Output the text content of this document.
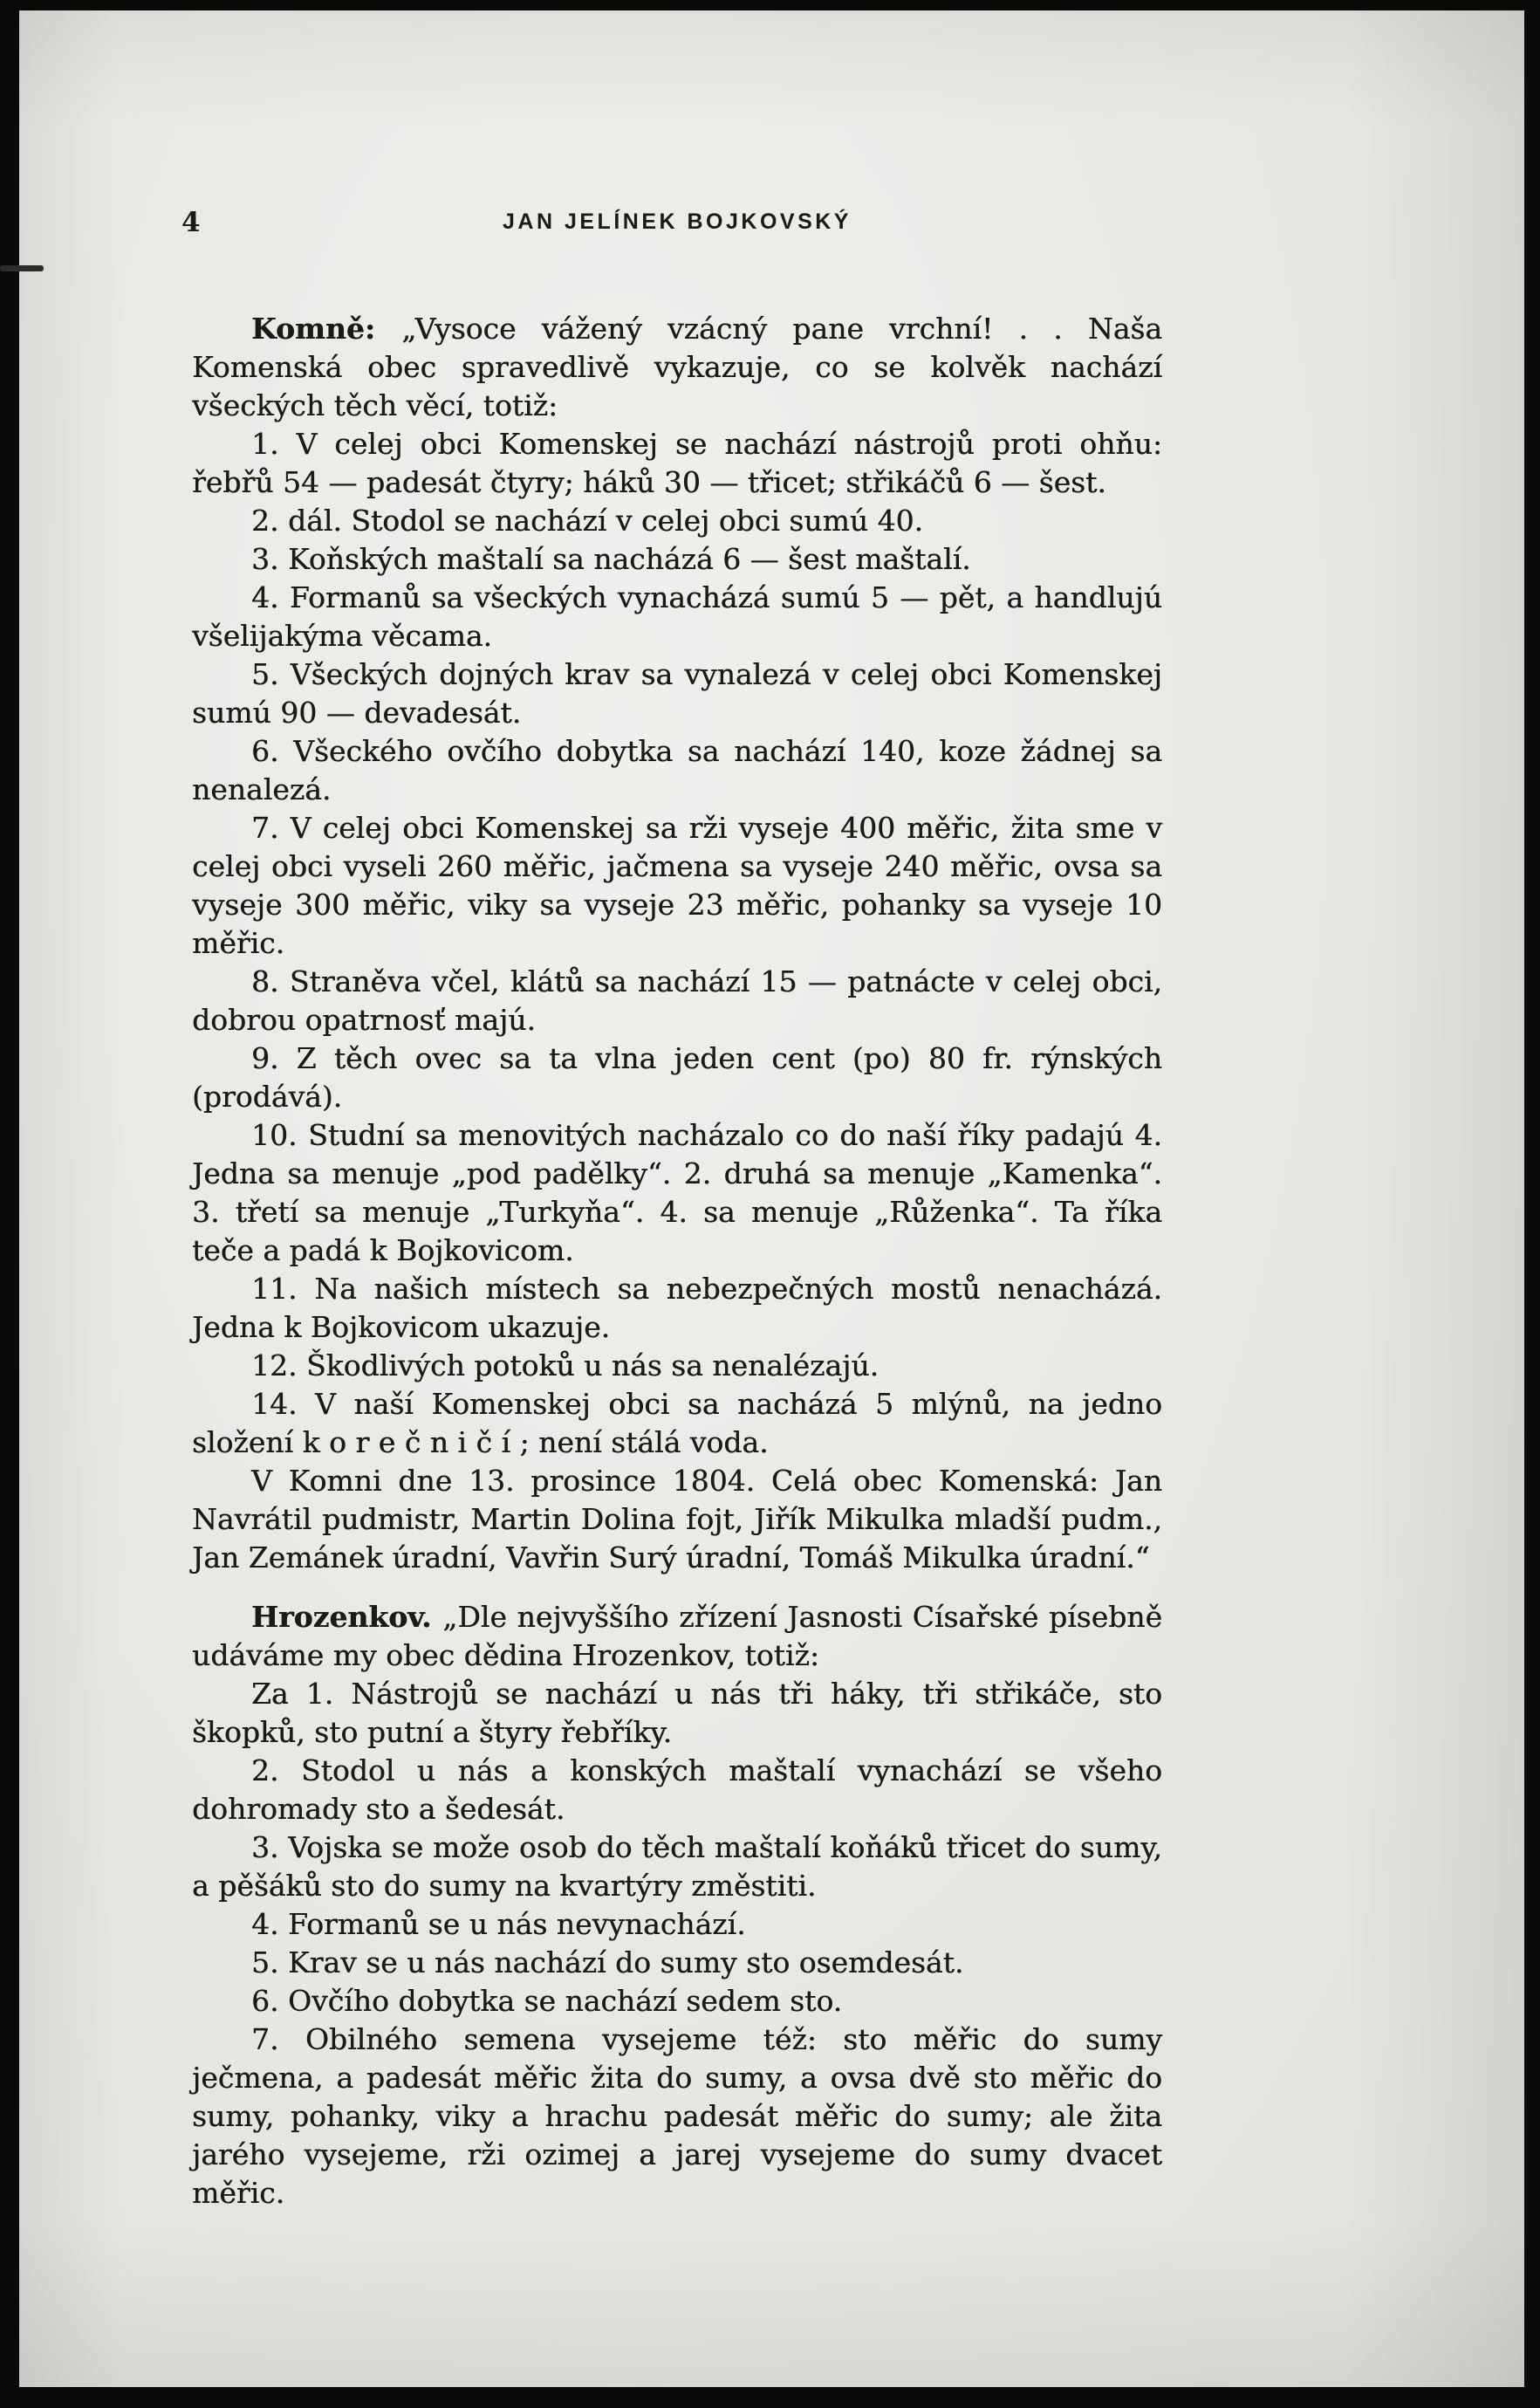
4	JAN JELÍNEK BOJKOVSKÝ

Komně: „Vysoce vážený vzácný pane vrchní! . . Naša Komenská obec spravedlivě vykazuje, co se kolvěk nachází všeckých těch věcí, totiž:

1. V celej obci Komenskej se nachází nástrojů proti ohňu: řebřů 54 — padesát čtyry; háků 30 — třicet; střikáčů 6 — šest.

2. dál. Stodol se nachází v celej obci sumú 40.

3. Koňských maštalí sa nacházá 6 — šest maštalí.

4. Formanů sa všeckých vynacházá sumú 5 — pět, a handlujú všelijakýma věcama.

5. Všeckých dojných krav sa vynalezá v celej obci Komenskej sumú 90 — devadesát.

6. Všeckého ovčího dobytka sa nachází 140, koze žádnej sa nenalezá.

7. V celej obci Komenskej sa rži vyseje 400 měřic, žita sme v celej obci vyseli 260 měřic, jačmena sa vyseje 240 měřic, ovsa sa vyseje 300 měřic, viky sa vyseje 23 měřic, pohanky sa vyseje 10 měřic.

8. Straněva včel, klátů sa nachází 15 — patnácte v celej obci, dobrou opatrnosť majú.

9. Z těch ovec sa ta vlna jeden cent (po) 80 fr. rýnských (prodává).

10. Studní sa menovitých nacházalo co do naší říky padajú 4. Jedna sa menuje „pod padělky“. 2. druhá sa menuje „Kamenka“. 3. třetí sa menuje „Turkyňa“. 4. sa menuje „Růženka“. Ta říka teče a padá k Bojkovicom.

11. Na našich místech sa nebezpečných mostů nenacházá. Jedna k Bojkovicom ukazuje.

12. Škodlivých potoků u nás sa nenalézajú.

14. V naší Komenskej obci sa nacházá 5 mlýnů, na jedno složení k o r e č n i č í ; není stálá voda.

V Komni dne 13. prosince 1804. Celá obec Komenská: Jan Navrátil pudmistr, Martin Dolina fojt, Jiřík Mikulka mladší pudm., Jan Zemánek úradní, Vavřin Surý úradní, Tomáš Mikulka úradní.“

Hrozenkov. „Dle nejvyššího zřízení Jasnosti Císařské písebně udáváme my obec dědina Hrozenkov, totiž:

Za 1. Nástrojů se nachází u nás tři háky, tři střikáče, sto škopků, sto putní a štyry řebříky.

2. Stodol u nás a konských maštalí vynachází se všeho dohromady sto a šedesát.

3. Vojska se može osob do těch maštalí koňáků třicet do sumy, a pěšáků sto do sumy na kvartýry změstiti.

4. Formanů se u nás nevynachází.

5. Krav se u nás nachází do sumy sto osemdesát.

6. Ovčího dobytka se nachází sedem sto.

7. Obilného semena vysejeme též: sto měřic do sumy ječmena, a padesát měřic žita do sumy, a ovsa dvě sto měřic do sumy, pohanky, viky a hrachu padesát měřic do sumy; ale žita jarého vysejeme, rži ozimej a jarej vysejeme do sumy dvacet měřic.
